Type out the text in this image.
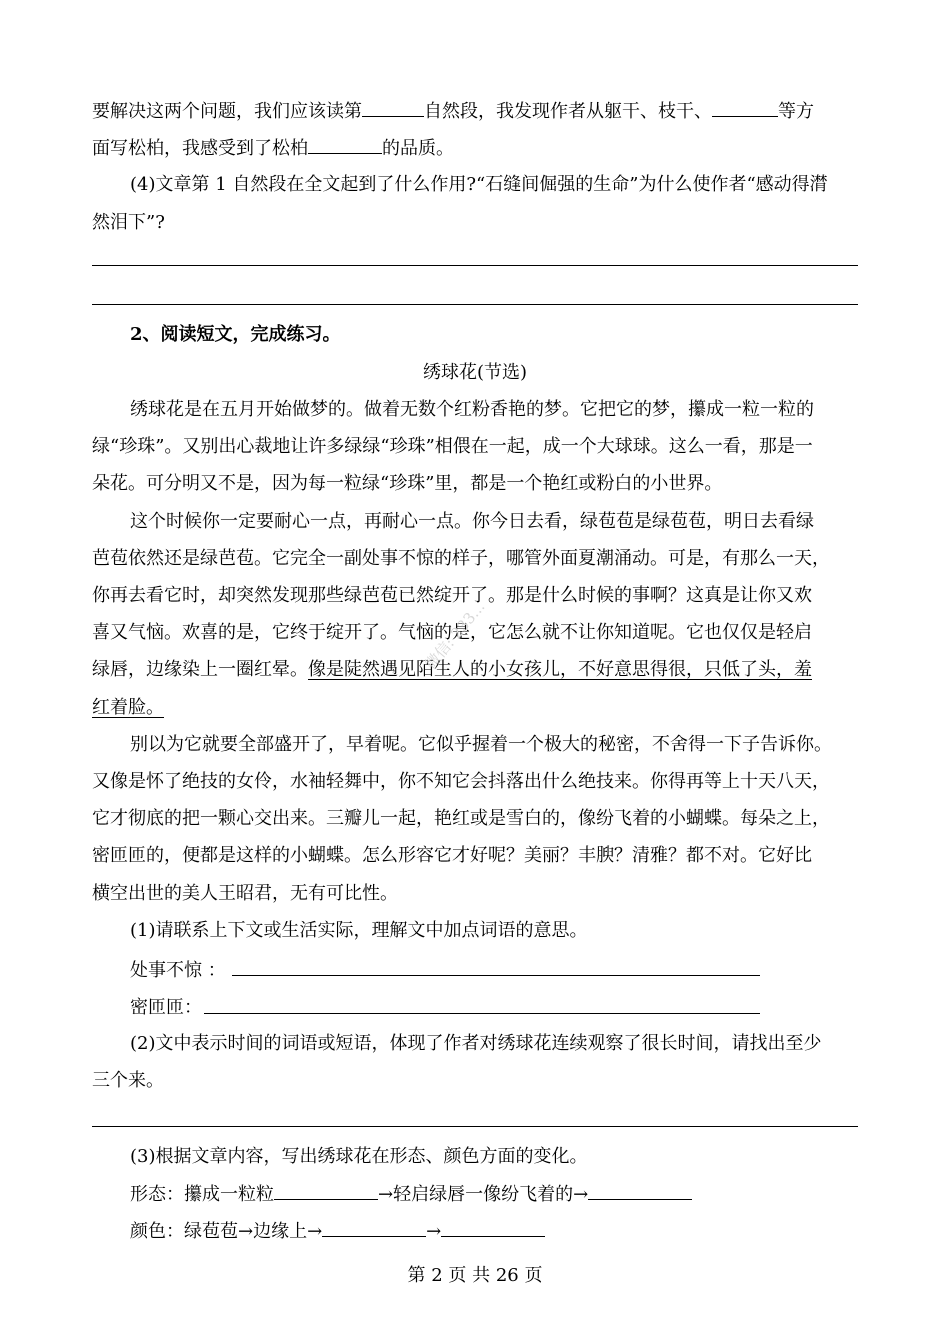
要解决这两个问题，我们应该读第	自然段，我发现作者从躯干、枝干、	等方
面写松柏，我感受到了松柏	的品质。
(4)文章第 1 自然段在全文起到了什么作用?“石缝间倔强的生命”为什么使作者“感动得潸
然泪下”?
2、阅读短文，完成练习。
绣球花(节选)
绣球花是在五月开始做梦的。做着无数个红粉香艳的梦。它把它的梦，攥成一粒一粒的
绿“珍珠”。又别出心裁地让许多绿绿“珍珠”相偎在一起，成一个大球球。这么一看，那是一
朵花。可分明又不是，因为每一粒绿“珍珠”里，都是一个艳红或粉白的小世界。
这个时候你一定要耐心一点，再耐心一点。你今日去看，绿苞苞是绿苞苞，明日去看绿
芭苞依然还是绿芭苞。它完全一副处事不惊的样子，哪管外面夏潮涌动。可是，有那么一天，
你再去看它时，却突然发现那些绿芭苞已然绽开了。那是什么时候的事啊？这真是让你又欢
喜又气恼。欢喜的是，它终于绽开了。气恼的是，它怎么就不让你知道呢。它也仅仅是轻启
绿唇，边缘染上一圈红晕。像是陡然遇见陌生人的小女孩儿，不好意思得很，只低了头，羞
红着脸。
别以为它就要全部盛开了，早着呢。它似乎握着一个极大的秘密，不舍得一下子告诉你。
又像是怀了绝技的女伶，水袖轻舞中，你不知它会抖落出什么绝技来。你得再等上十天八天，
它才彻底的把一颗心交出来。三瓣儿一起，艳红或是雪白的，像纷飞着的小蝴蝶。每朵之上，
密匝匝的，便都是这样的小蝴蝶。怎么形容它才好呢？美丽？丰腴？清雅？都不对。它好比
横空出世的美人王昭君，无有可比性。
(1)请联系上下文或生活实际，理解文中加点词语的意思。
处事不惊 ：
密匝匝：
(2)文中表示时间的词语或短语，体现了作者对绣球花连续观察了很长时间，请找出至少
三个来。
(3)根据文章内容，写出绣球花在形态、颜色方面的变化。
形态：攥成一粒粒	→轻启绿唇一像纷飞着的→
颜色：绿苞苞→边缘上→	→
第 2 页 共 26 页
微信: 233...
